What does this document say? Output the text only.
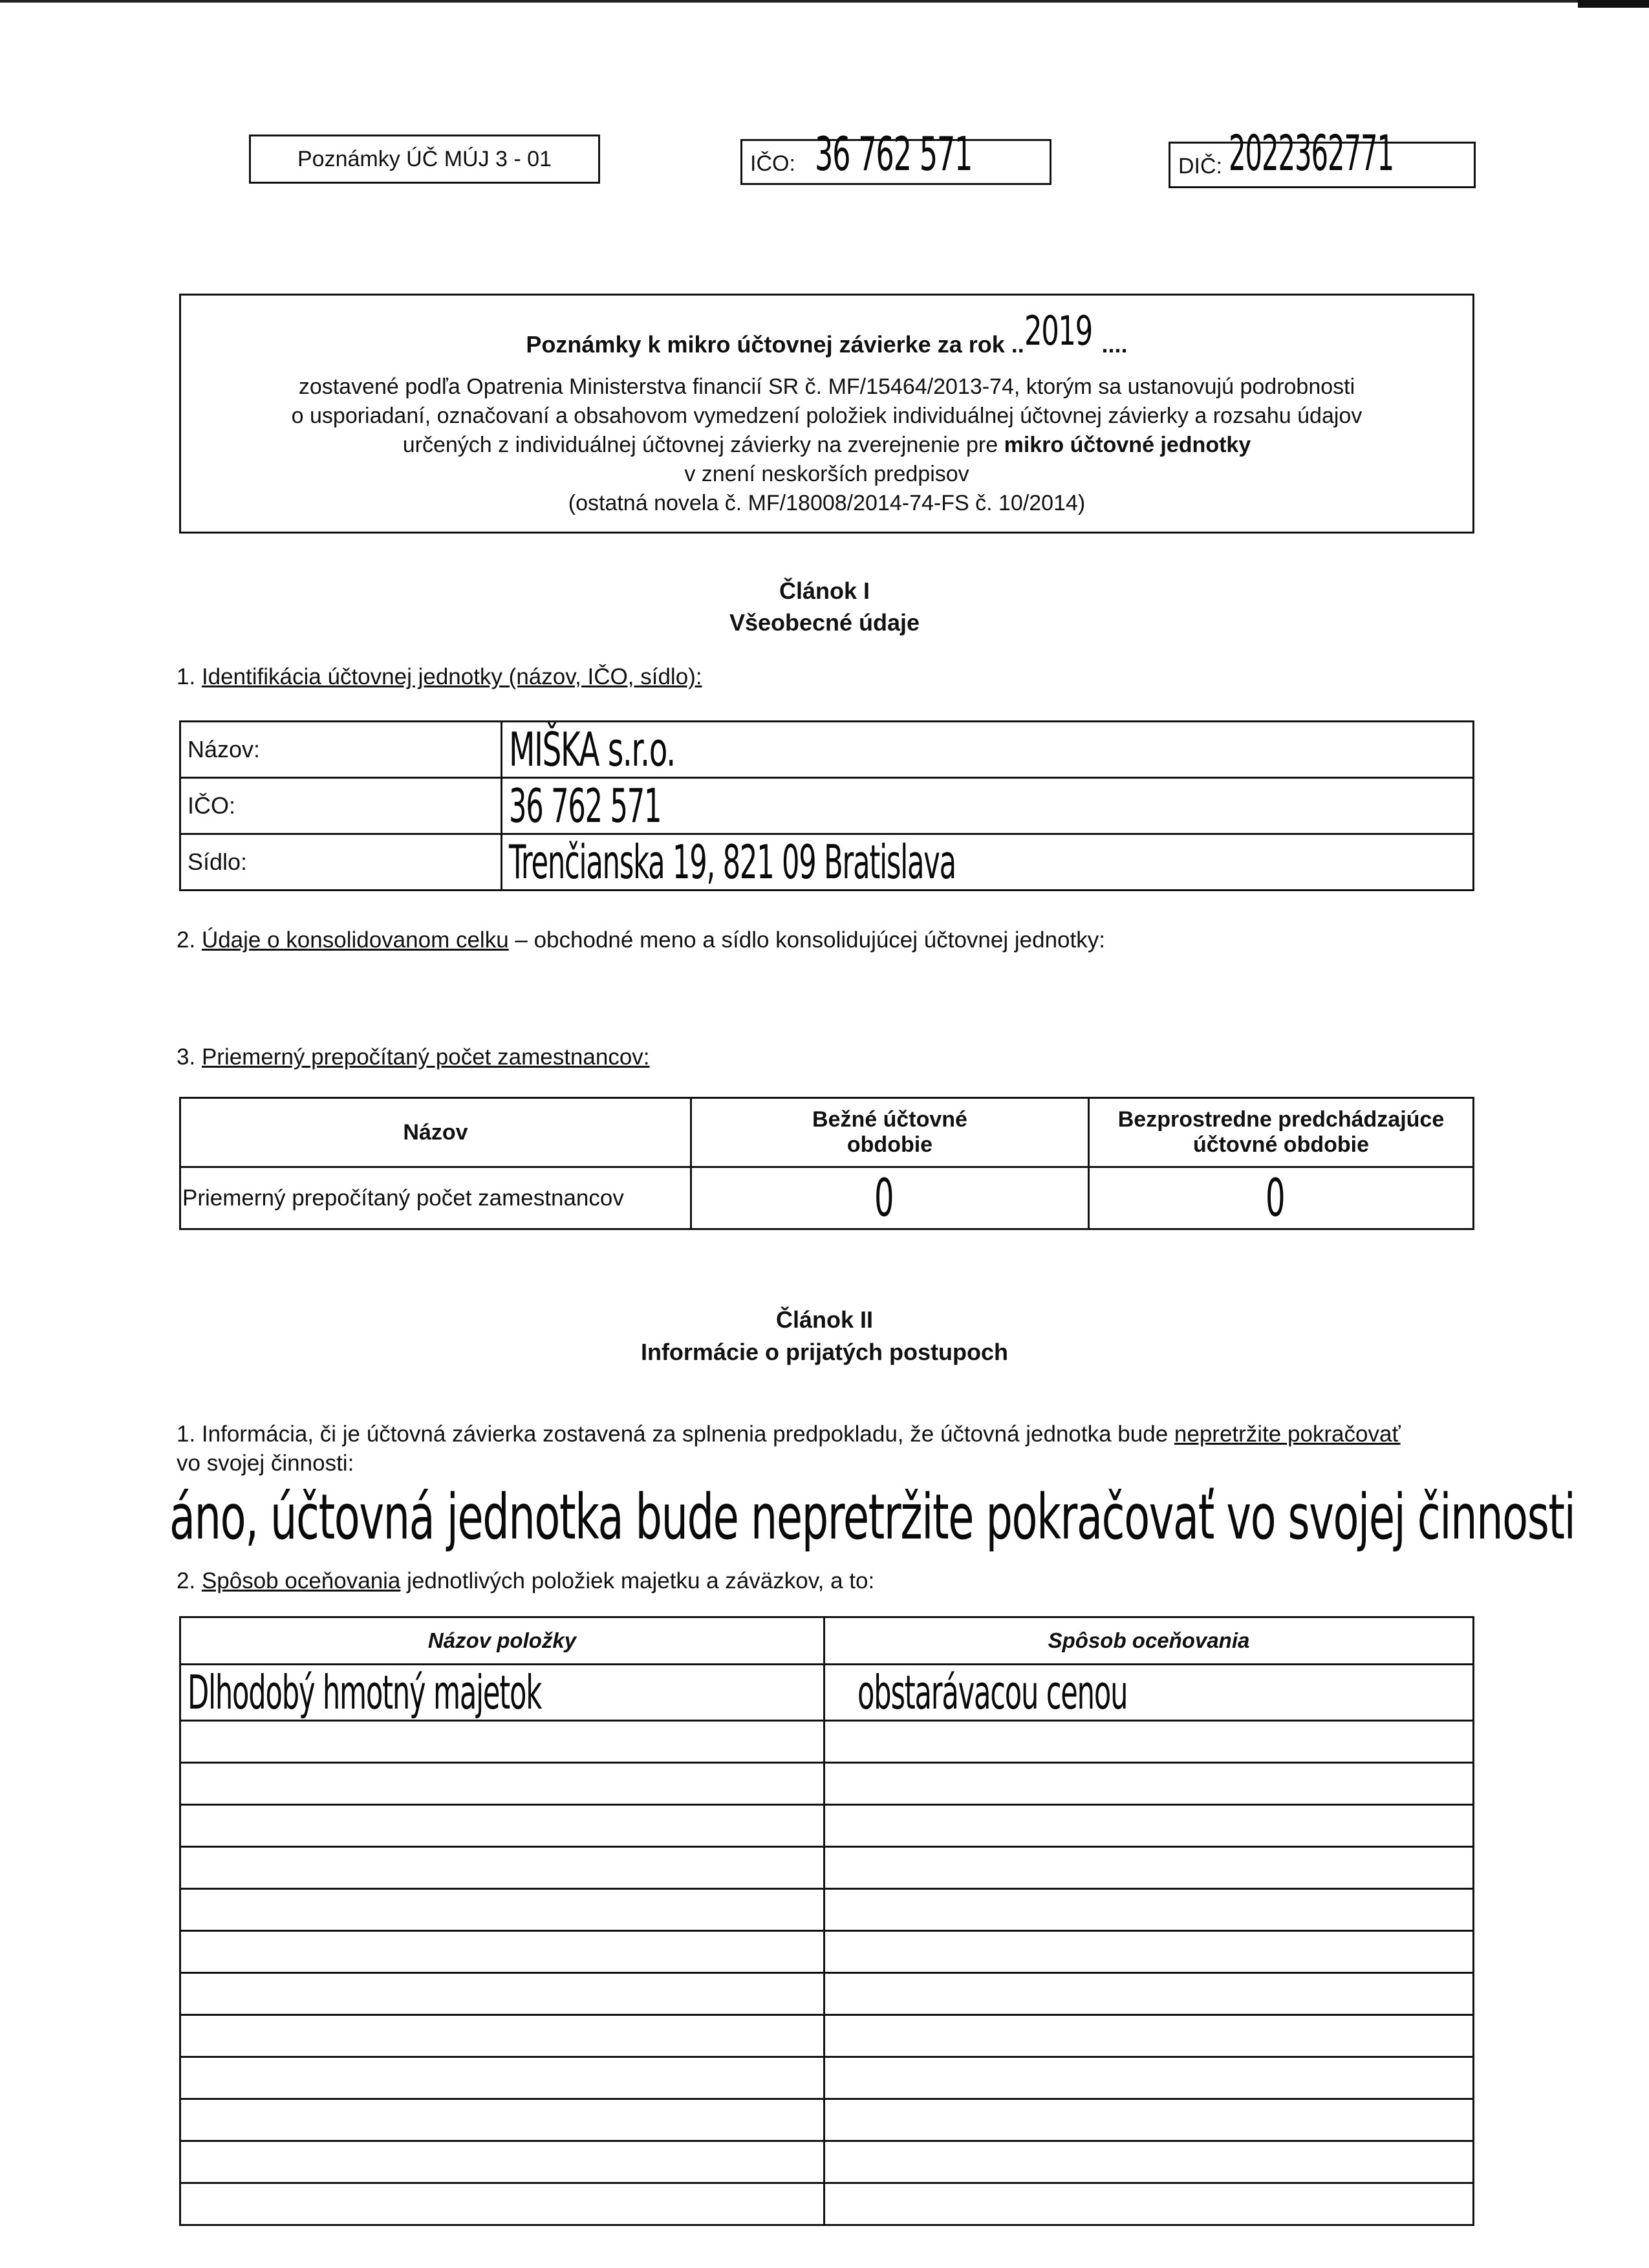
Poznámky ÚČ MÚJ 3 - 01	IČO: 36 762 571	DIČ: 2022362771
Poznámky k mikro účtovnej závierke za rok ..2019 ....
zostavené podľa Opatrenia Ministerstva financií SR č. MF/15464/2013-74, ktorým sa ustanovujú podrobnosti
o usporiadaní, označovaní a obsahovom vymedzení položiek individuálnej účtovnej závierky a rozsahu údajov
určených z individuálnej účtovnej závierky na zverejnenie pre mikro účtovné jednotky
v znení neskorších predpisov
(ostatná novela č. MF/18008/2014-74-FS č. 10/2014)
Článok I
Všeobecné údaje
1. Identifikácia účtovnej jednotky (názov, IČO, sídlo):
Názov:	MIŠKA s.r.o.
IČO:	36 762 571
Sídlo:	Trenčianska 19, 821 09 Bratislava
2. Údaje o konsolidovanom celku – obchodné meno a sídlo konsolidujúcej účtovnej jednotky:
3. Priemerný prepočítaný počet zamestnancov:
Názov	Bežné účtovné obdobie	Bezprostredne predchádzajúce účtovné obdobie
Priemerný prepočítaný počet zamestnancov	0	0
Článok II
Informácie o prijatých postupoch
1. Informácia, či je účtovná závierka zostavená za splnenia predpokladu, že účtovná jednotka bude nepretržite pokračovať
vo svojej činnosti:
áno, účtovná jednotka bude nepretržite pokračovať vo svojej činnosti
2. Spôsob oceňovania jednotlivých položiek majetku a záväzkov, a to:
Názov položky	Spôsob oceňovania
Dlhodobý hmotný majetok	obstarávacou cenou
